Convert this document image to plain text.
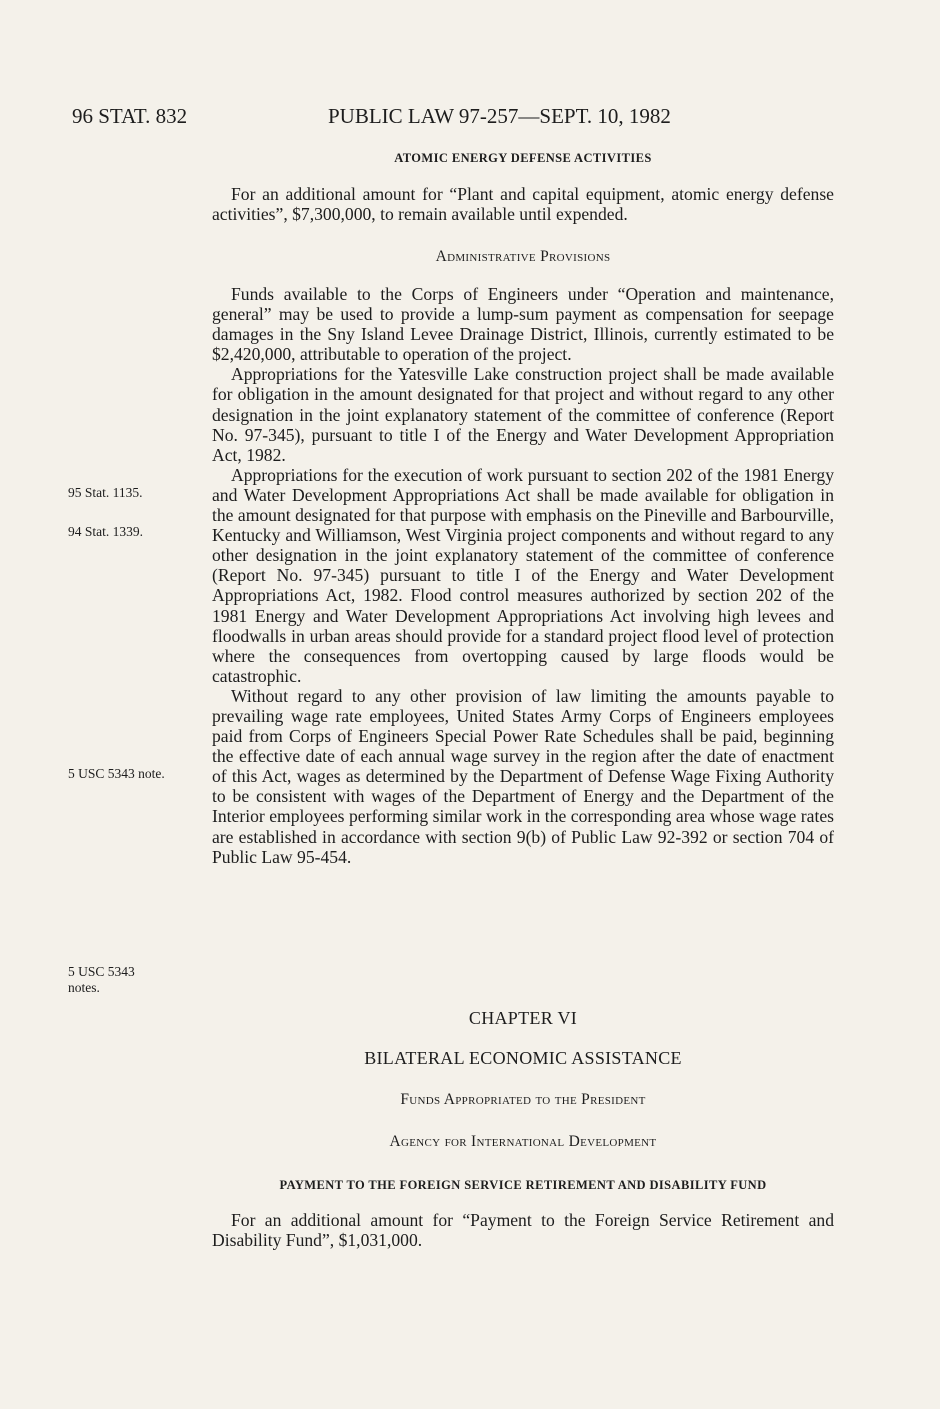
96 STAT. 832	PUBLIC LAW 97-257—SEPT. 10, 1982
ATOMIC ENERGY DEFENSE ACTIVITIES

For an additional amount for “Plant and capital equipment, atomic energy defense activities”, $7,300,000, to remain available until expended.

Administrative Provisions

Funds available to the Corps of Engineers under “Operation and maintenance, general” may be used to provide a lump-sum payment as compensation for seepage damages in the Sny Island Levee Drainage District, Illinois, currently estimated to be $2,420,000, attributable to operation of the project.

Appropriations for the Yatesville Lake construction project shall be made available for obligation in the amount designated for that project and without regard to any other designation in the joint explanatory statement of the committee of conference (Report No. 97-345), pursuant to title I of the Energy and Water Development Appropriation Act, 1982.

Appropriations for the execution of work pursuant to section 202 of the 1981 Energy and Water Development Appropriations Act shall be made available for obligation in the amount designated for that purpose with emphasis on the Pineville and Barbourville, Kentucky and Williamson, West Virginia project components and without regard to any other designation in the joint explanatory statement of the committee of conference (Report No. 97-345) pursuant to title I of the Energy and Water Development Appropriations Act, 1982. Flood control measures authorized by section 202 of the 1981 Energy and Water Development Appropriations Act involving high levees and floodwalls in urban areas should provide for a standard project flood level of protection where the consequences from overtopping caused by large floods would be catastrophic.

Without regard to any other provision of law limiting the amounts payable to prevailing wage rate employees, United States Army Corps of Engineers employees paid from Corps of Engineers Special Power Rate Schedules shall be paid, beginning the effective date of each annual wage survey in the region after the date of enactment of this Act, wages as determined by the Department of Defense Wage Fixing Authority to be consistent with wages of the Department of Energy and the Department of the Interior employees performing similar work in the corresponding area whose wage rates are established in accordance with section 9(b) of Public Law 92-392 or section 704 of Public Law 95-454.

95 Stat. 1135.
94 Stat. 1339.
5 USC 5343 note.
5 USC 5343 notes.
CHAPTER VI
BILATERAL ECONOMIC ASSISTANCE
Funds Appropriated to the President
Agency for International Development
PAYMENT TO THE FOREIGN SERVICE RETIREMENT AND DISABILITY FUND

For an additional amount for “Payment to the Foreign Service Retirement and Disability Fund”, $1,031,000.
